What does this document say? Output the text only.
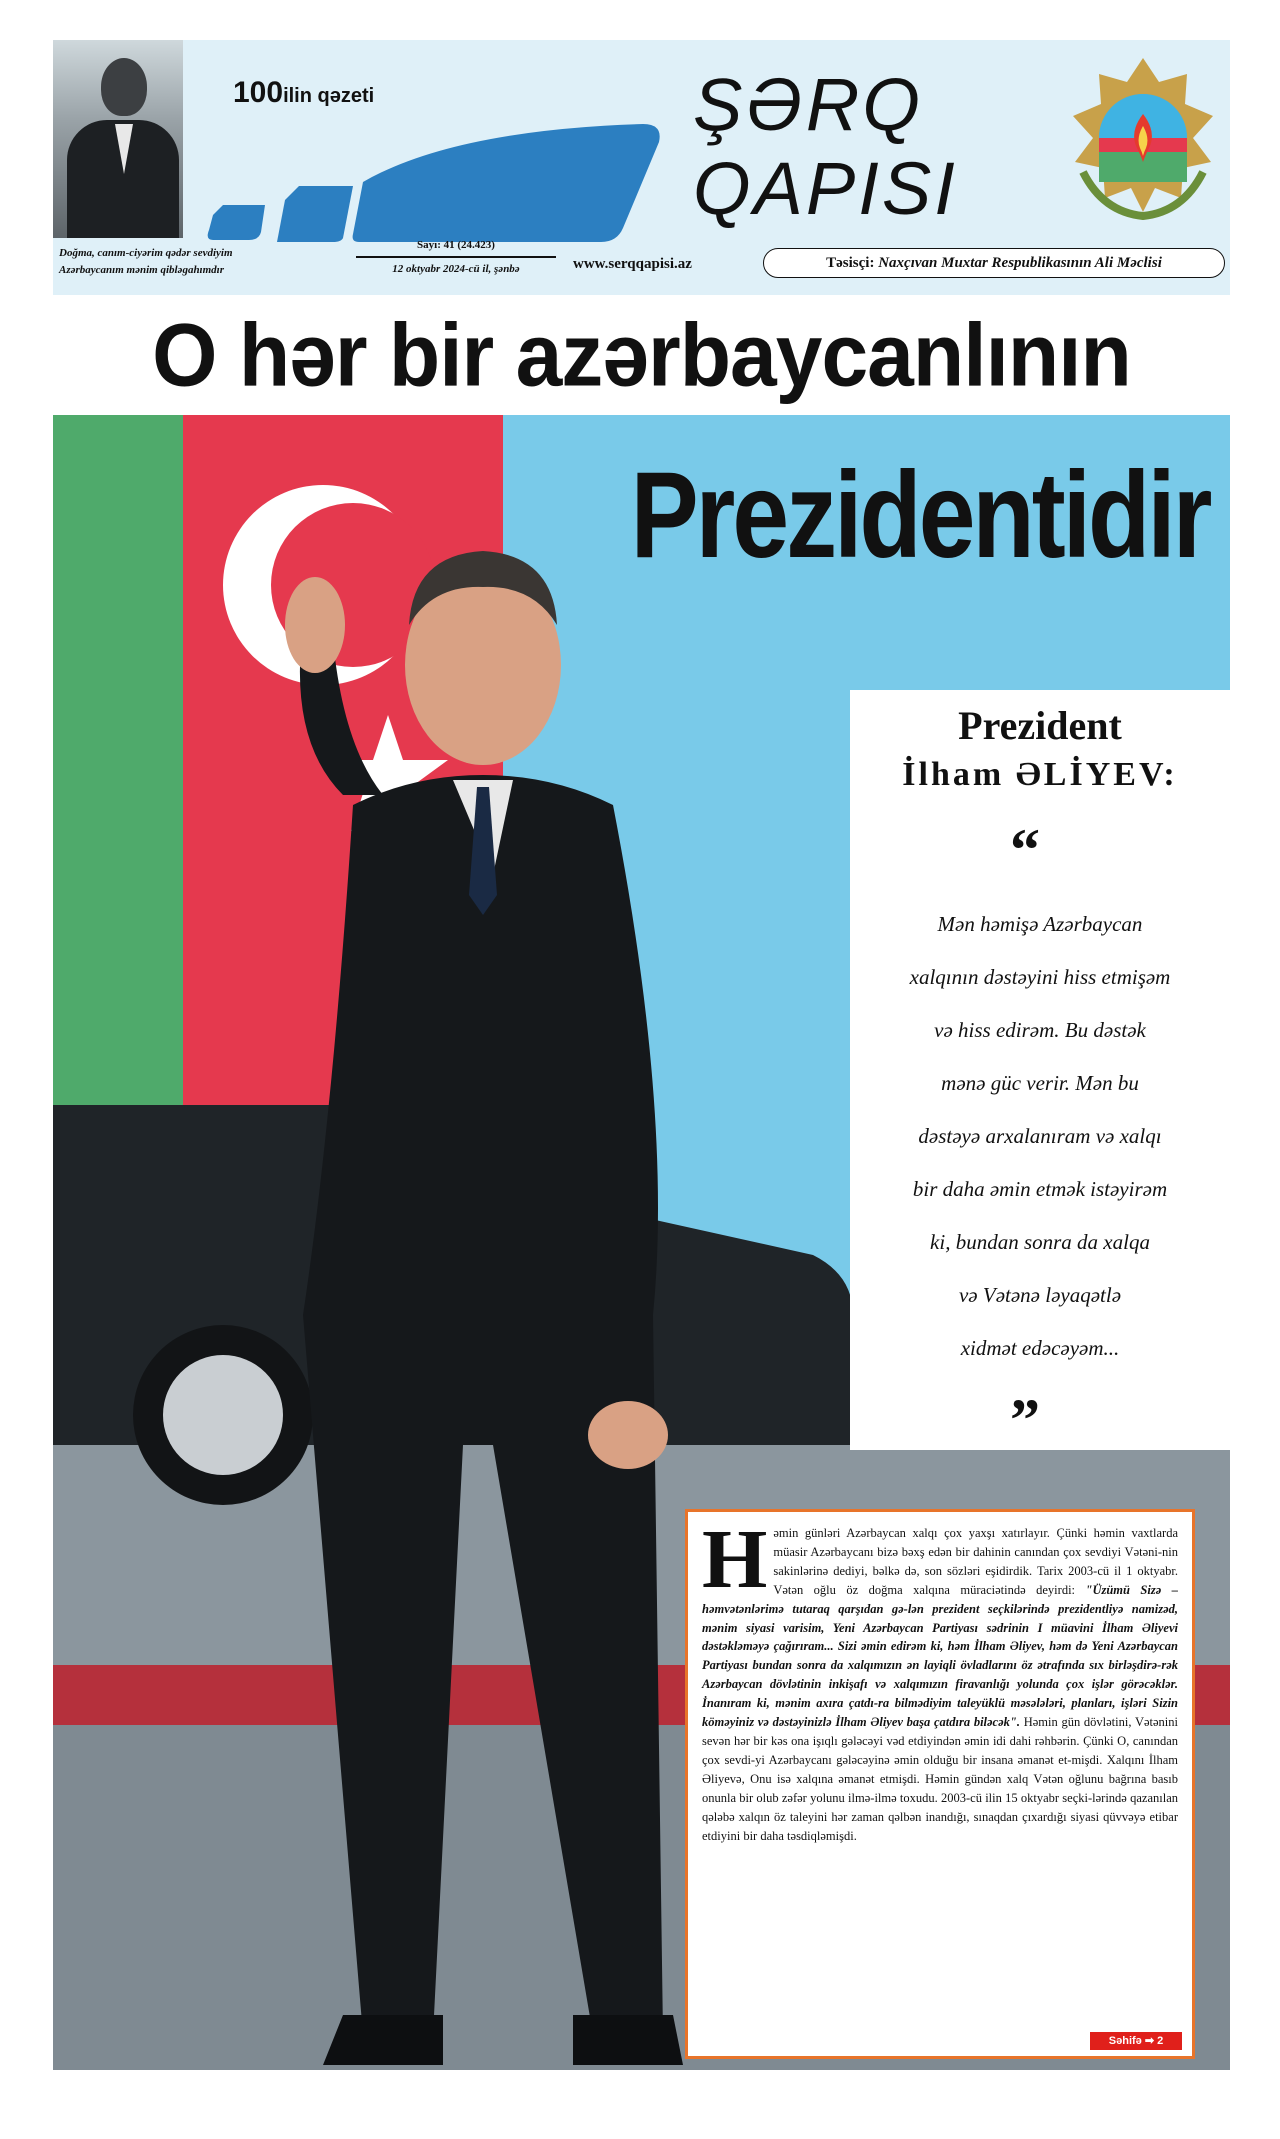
Doğma, canım-ciyərim qədər sevdiyim
Azərbaycanım mənim qibləgahımdır
100ilin qəzeti	ŞƏRQ
QAPISI
Sayı: 41 (24.423)
12 oktyabr 2024-cü il, şənbə	www.serqqapisi.az	Təsisçi: Naxçıvan Muxtar Respublikasının Ali Məclisi
O hər bir azərbaycanlının
Prezidentidir
Prezident
İlham ƏLİYEV:
“
Mən həmişə Azərbaycan
xalqının dəstəyini hiss etmişəm
və hiss edirəm. Bu dəstək
mənə güc verir. Mən bu
dəstəyə arxalanıram və xalqı
bir daha əmin etmək istəyirəm
ki, bundan sonra da xalqa
və Vətənə ləyaqətlə
xidmət edəcəyəm...
”
Həmin günləri Azərbaycan xalqı çox yaxşı xatırlayır. Çünki həmin vaxtlarda müasir Azərbaycanı bizə bəxş edən bir dahinin canından çox sevdiyi Vətəni-nin sakinlərinə dediyi, bəlkə də, son sözləri eşidirdik. Tarix 2003-cü il 1 oktyabr. Vətən oğlu öz doğma xalqına müraciətində deyirdi: "Üzümü Sizə – həmvətənlərimə tutaraq qarşıdan gə-lən prezident seçkilərində prezidentliyə namizəd, mənim siyasi varisim, Yeni Azərbaycan Partiyası sədrinin I müavini İlham Əliyevi dəstəkləməyə çağırıram... Sizi əmin edirəm ki, həm İlham Əliyev, həm də Yeni Azərbaycan Partiyası bundan sonra da xalqımızın ən layiqli övladlarını öz ətrafında sıx birləşdirə-rək Azərbaycan dövlətinin inkişafı və xalqımızın firavanlığı yolunda çox işlər görəcəklər. İnanıram ki, mənim axıra çatdı-ra bilmədiyim taleyüklü məsələləri, planları, işləri Sizin köməyiniz və dəstəyinizlə İlham Əliyev başa çatdıra biləcək". Həmin gün dövlətini, Vətənini sevən hər bir kəs ona işıqlı gələcəyi vəd etdiyindən əmin idi dahi rəhbərin. Çünki O, canından çox sevdi-yi Azərbaycanı gələcəyinə əmin olduğu bir insana əmanət et-mişdi. Xalqını İlham Əliyevə, Onu isə xalqına əmanət etmişdi. Həmin gündən xalq Vətən oğlunu bağrına basıb onunla bir olub zəfər yolunu ilmə-ilmə toxudu. 2003-cü ilin 15 oktyabr seçki-lərində qazanılan qələbə xalqın öz taleyini hər zaman qəlbən inandığı, sınaqdan çıxardığı siyasi qüvvəyə etibar etdiyini bir daha təsdiqləmişdi.
Səhifə ➡ 2
